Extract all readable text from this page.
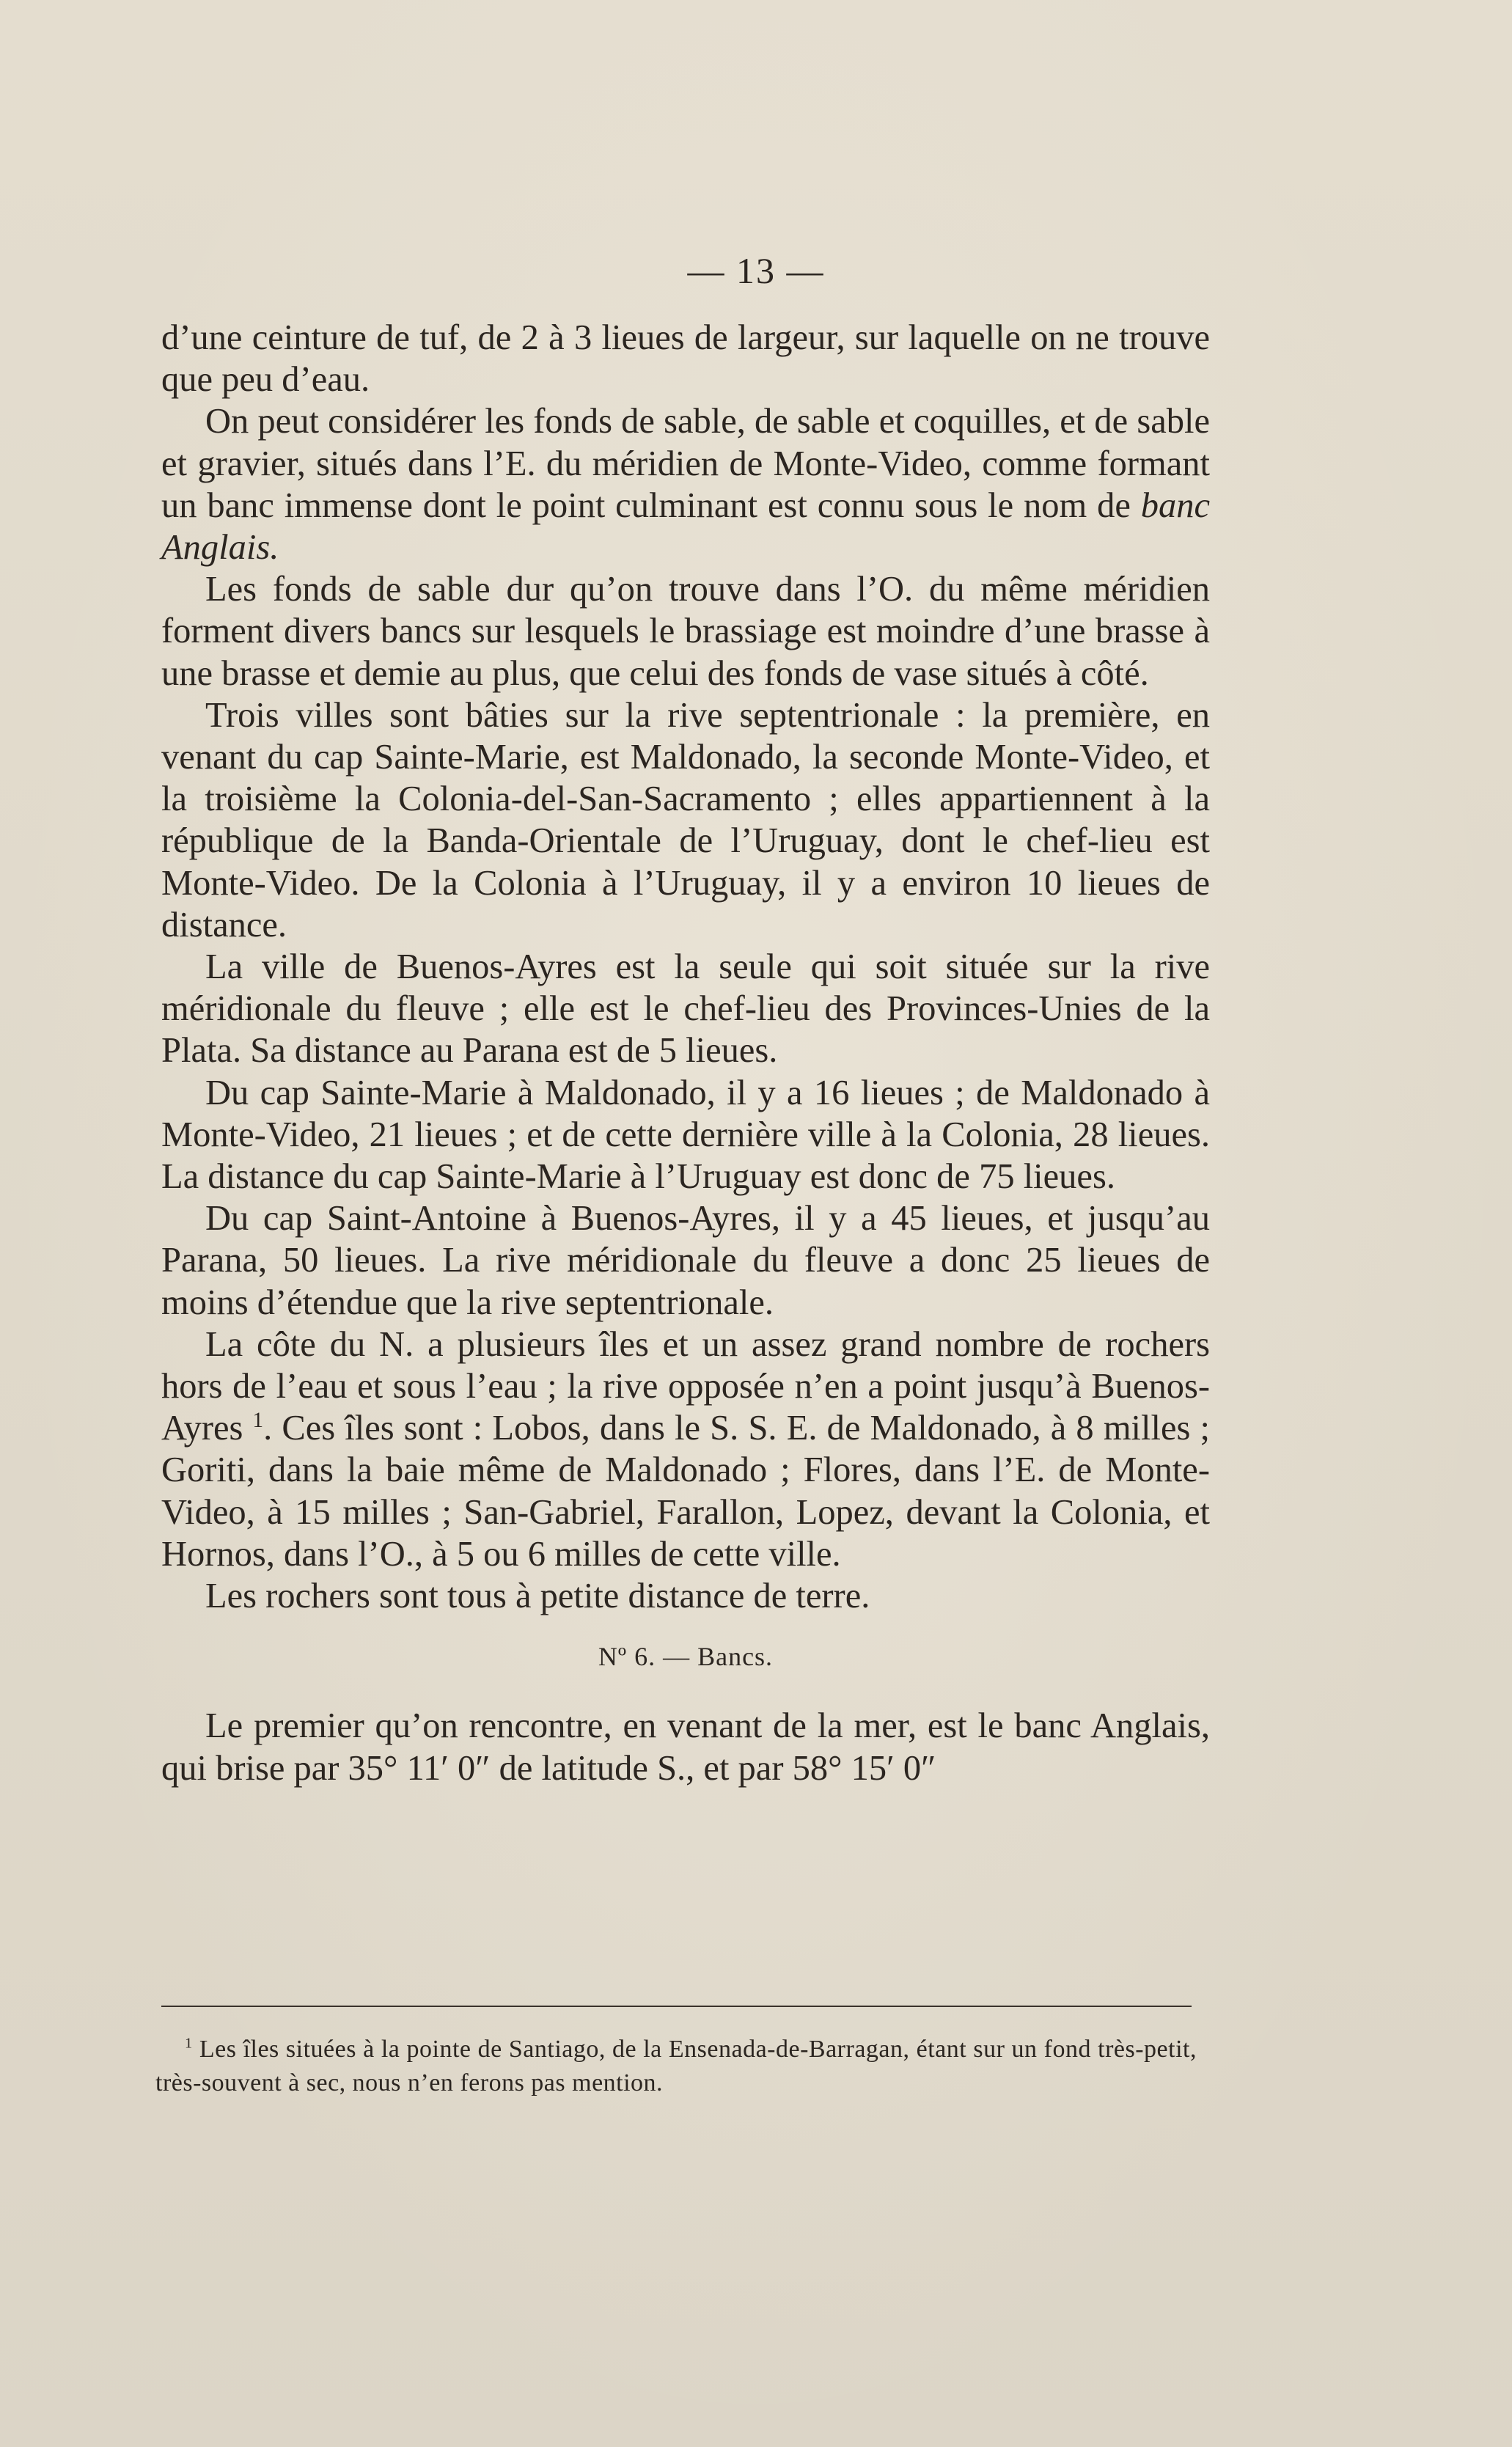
— 13 —

d’une ceinture de tuf, de 2 à 3 lieues de largeur, sur laquelle on ne trouve que peu d’eau.

On peut considérer les fonds de sable, de sable et coquilles, et de sable et gravier, situés dans l’E. du méridien de Monte-Video, comme formant un banc immense dont le point culminant est connu sous le nom de banc Anglais.

Les fonds de sable dur qu’on trouve dans l’O. du même méridien forment divers bancs sur lesquels le brassiage est moindre d’une brasse à une brasse et demie au plus, que celui des fonds de vase situés à côté.

Trois villes sont bâties sur la rive septentrionale : la première, en venant du cap Sainte-Marie, est Maldonado, la seconde Monte-Video, et la troisième la Colonia-del-San-Sacramento ; elles appartiennent à la république de la Banda-Orientale de l’Uruguay, dont le chef-lieu est Monte-Video. De la Colonia à l’Uruguay, il y a environ 10 lieues de distance.

La ville de Buenos-Ayres est la seule qui soit située sur la rive méridionale du fleuve ; elle est le chef-lieu des Provinces-Unies de la Plata. Sa distance au Parana est de 5 lieues.

Du cap Sainte-Marie à Maldonado, il y a 16 lieues ; de Maldonado à Monte-Video, 21 lieues ; et de cette dernière ville à la Colonia, 28 lieues. La distance du cap Sainte-Marie à l’Uruguay est donc de 75 lieues.

Du cap Saint-Antoine à Buenos-Ayres, il y a 45 lieues, et jusqu’au Parana, 50 lieues. La rive méridionale du fleuve a donc 25 lieues de moins d’étendue que la rive septentrionale.

La côte du N. a plusieurs îles et un assez grand nombre de rochers hors de l’eau et sous l’eau ; la rive opposée n’en a point jusqu’à Buenos-Ayres $^1$. Ces îles sont : Lobos, dans le S. S. E. de Maldonado, à 8 milles ; Goriti, dans la baie même de Maldonado ; Flores, dans l’E. de Monte-Video, à 15 milles ; San-Gabriel, Farallon, Lopez, devant la Colonia, et Hornos, dans l’O., à 5 ou 6 milles de cette ville.

Les rochers sont tous à petite distance de terre.

Nº 6. — Bancs.

Le premier qu’on rencontre, en venant de la mer, est le banc Anglais, qui brise par 35° 11′ 0″ de latitude S., et par 58° 15′ 0″

$^1$ Les îles situées à la pointe de Santiago, de la Ensenada-de-Barragan, étant sur un fond très-petit, très-souvent à sec, nous n’en ferons pas mention.
